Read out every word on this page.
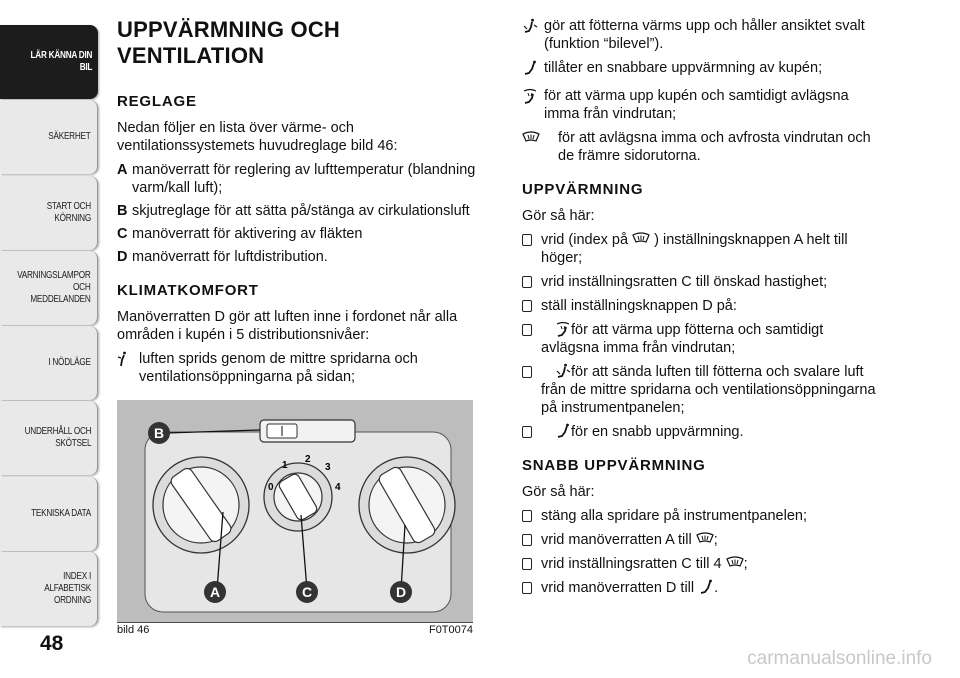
LÄR KÄNNA DIN
BIL
SÄKERHET
START OCH
KÖRNING
VARNINGSLAMPOR
OCH
MEDDELANDEN
I NÖDLÄGE
UNDERHÅLL OCH
SKÖTSEL
TEKNISKA DATA
INDEX I ALFABETISK
ORDNING
48
UPPVÄRMNING OCH VENTILATION
REGLAGE

Nedan följer en lista över värme- och ventilationssystemets huvudreglage bild 46:

A manöverratt för reglering av lufttemperatur (blandning varm/kall luft);
B skjutreglage för att sätta på/stänga av cirkulationsluft
C manöverratt för aktivering av fläkten
D manöverratt för luftdistribution.
KLIMATKOMFORT

Manöverratten D gör att luften inne i fordonet når alla områden i kupén i 5 distributionsnivåer:

luften sprids genom de mittre spridarna och ventilationsöppningarna på sidan;
1
2
3
0	4
B
A	C	D
bild 46	F0T0074
gör att fötterna värms upp och håller ansiktet svalt (funktion “bilevel”).
tillåter en snabbare uppvärmning av kupén;
för att värma upp kupén och samtidigt avlägsna imma från vindrutan;
för att avlägsna imma och avfrosta vindrutan och de främre sidorutorna.
UPPVÄRMNING

Gör så här:

vrid (index på ) inställningsknappen A helt till höger;
vrid inställningsratten C till önskad hastighet;
ställ inställningsknappen D på:
för att värma upp fötterna och samtidigt avlägsna imma från vindrutan;
för att sända luften till fötterna och svalare luft från de mittre spridarna och ventilationsöppningarna på instrumentpanelen;
för en snabb uppvärmning.
SNABB UPPVÄRMNING

Gör så här:

stäng alla spridare på instrumentpanelen;
vrid manöverratten A till ;
vrid inställningsratten C till 4 ;
vrid manöverratten D till .
carmanualsonline.info
